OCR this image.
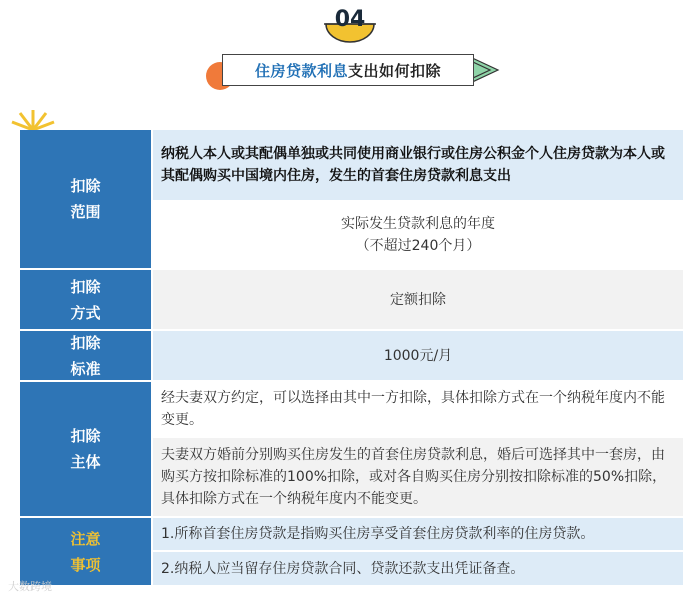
04
住房贷款利息 支出如何扣除
扣除
范围
纳税人本人或其配偶单独或共同使用商业银行或住房公积金个人住房贷款为本人或其配偶购买中国境内住房，发生的首套住房贷款利息支出
实际发生贷款利息的年度
（不超过240个月）
扣除
方式
定额扣除
扣除
标准
1000元/月
扣除
主体
经夫妻双方约定，可以选择由其中一方扣除，具体扣除方式在一个纳税年度内不能变更。
夫妻双方婚前分别购买住房发生的首套住房贷款利息，婚后可选择其中一套房，由购买方按扣除标准的100%扣除，或对各自购买住房分别按扣除标准的50%扣除，具体扣除方式在一个纳税年度内不能变更。
注意
事项
1.所称首套住房贷款是指购买住房享受首套住房贷款利率的住房贷款。
2.纳税人应当留存住房贷款合同、贷款还款支出凭证备查。
大数跨境
